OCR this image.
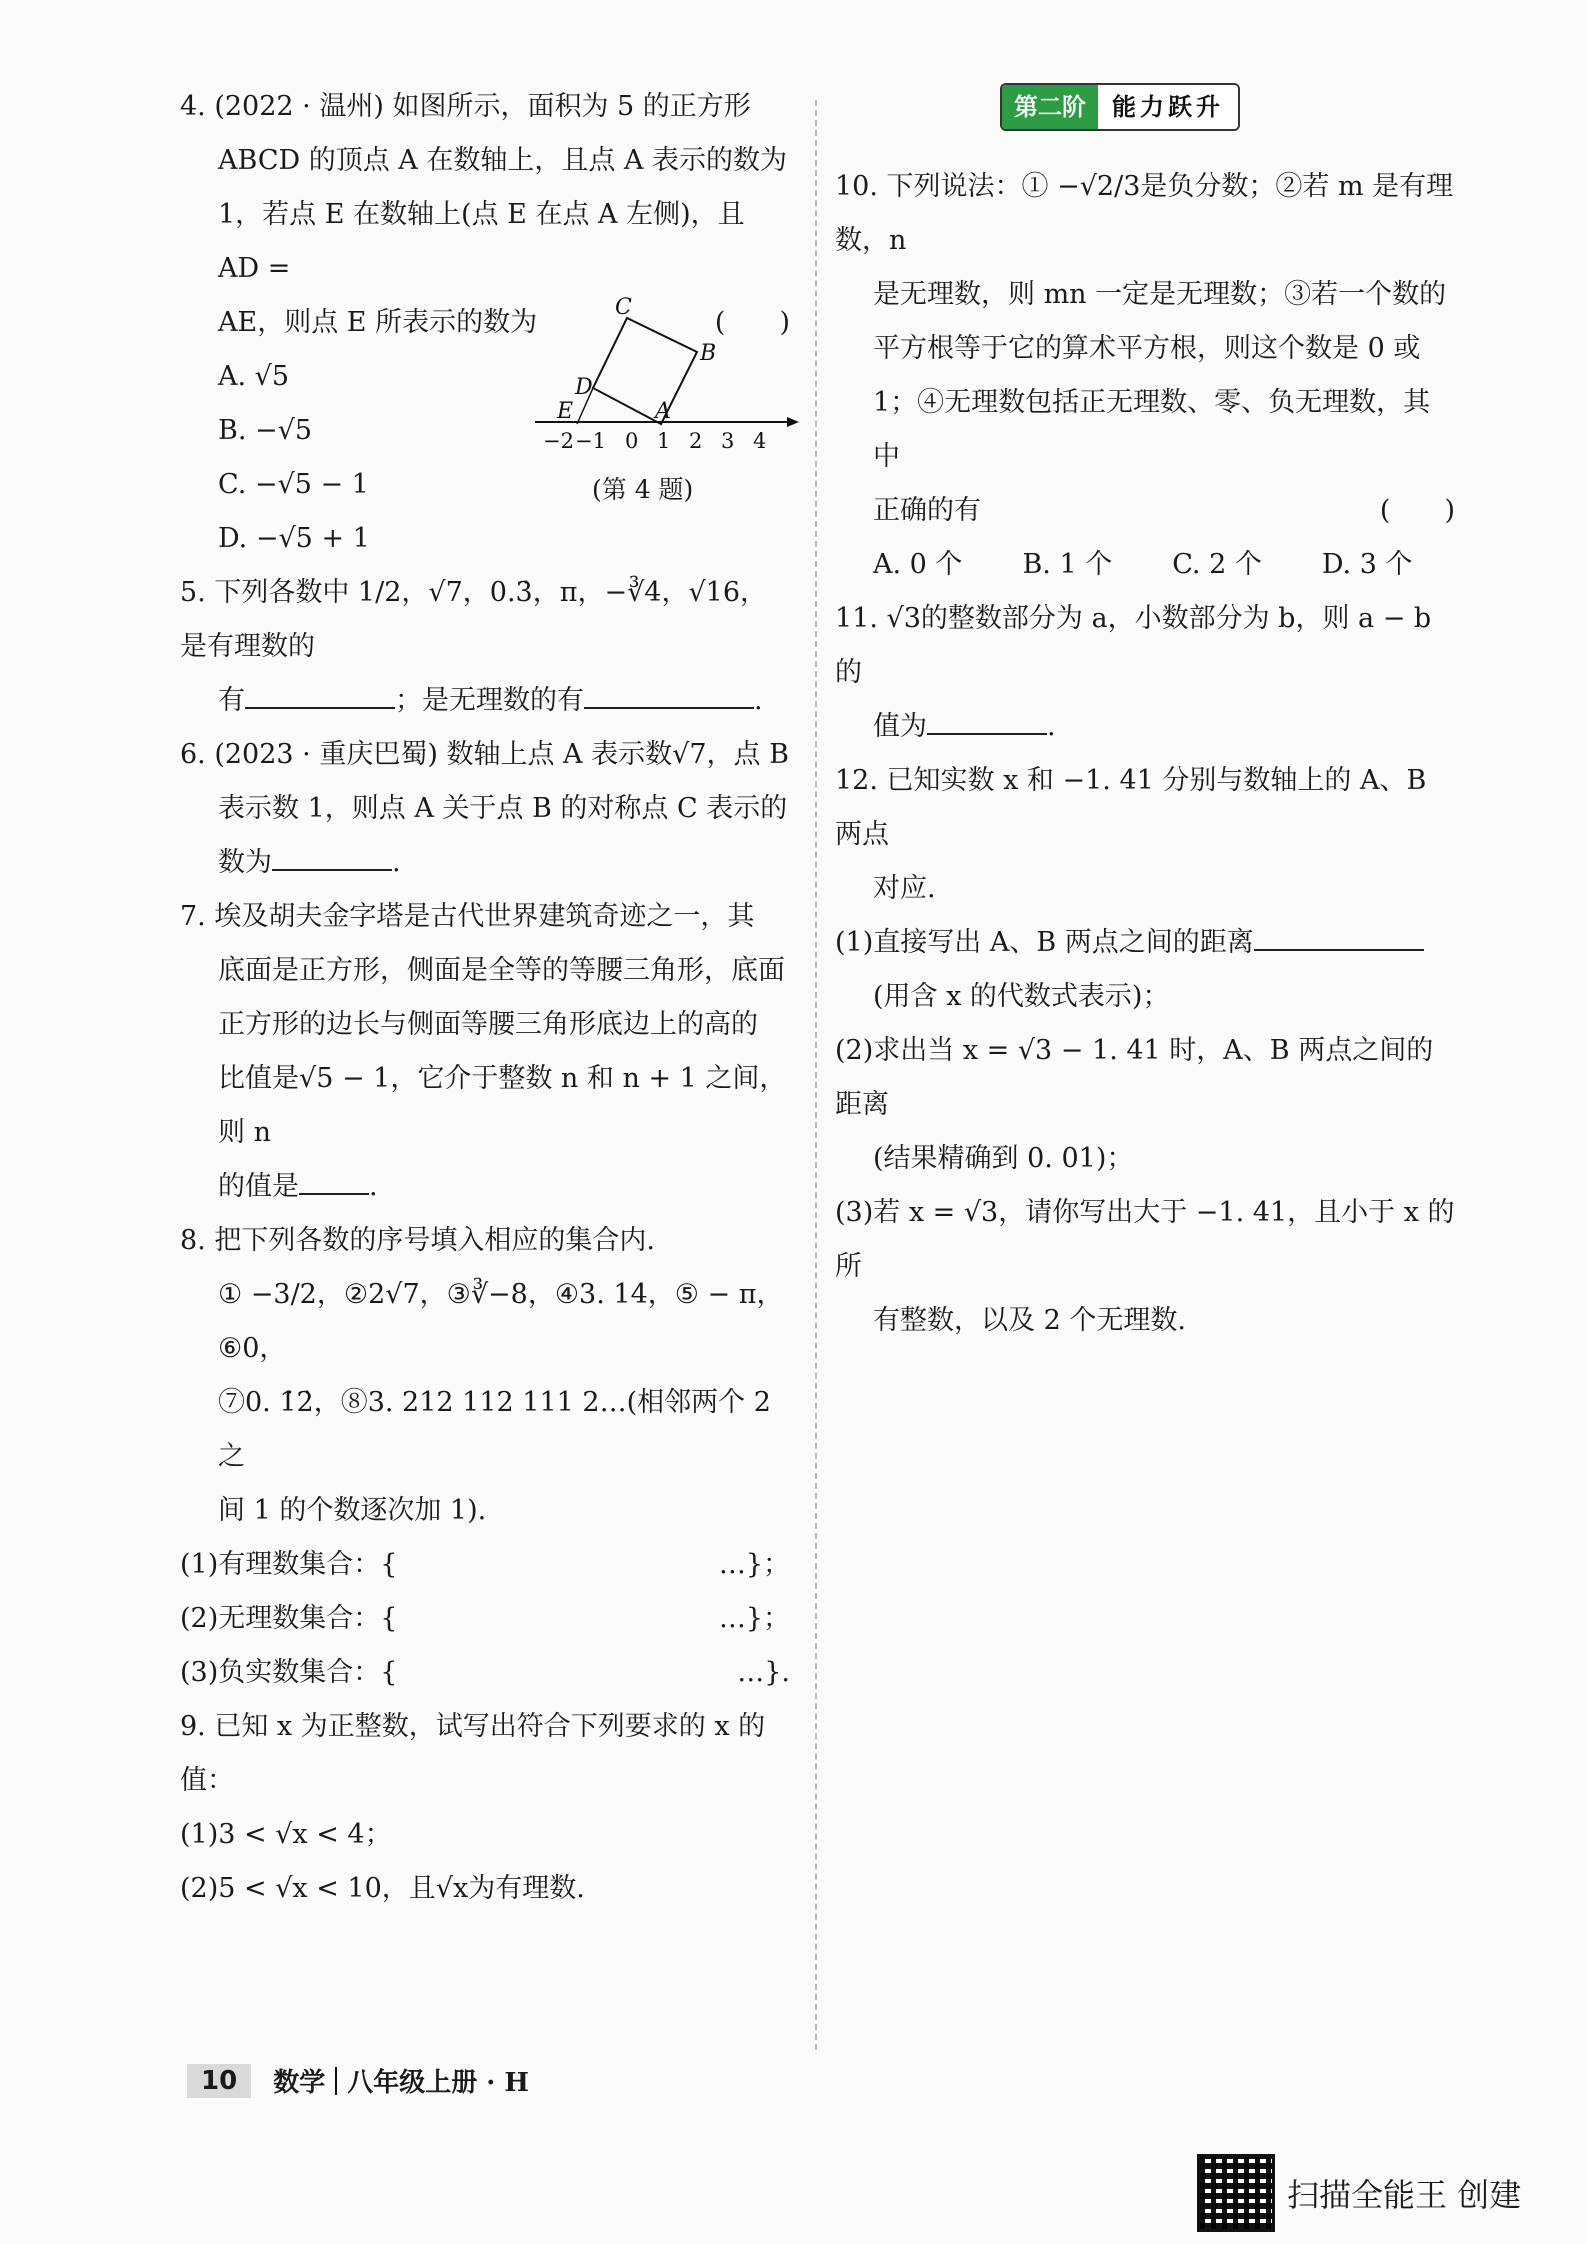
第二阶	能力跃升

4. (2022 · 温州) 如图所示，面积为 5 的正方形

ABCD 的顶点 A 在数轴上，且点 A 表示的数为

1，若点 E 在数轴上(点 E 在点 A 左侧)，且 AD =

AE，则点 E 所表示的数为	(　　)

A. √5

B. −√5

C. −√5 − 1

D. −√5 + 1

5. 下列各数中 1/2，√7，0.3̇，π，−∛4，√16，是有理数的

有	；是无理数的有	.

6. (2023 · 重庆巴蜀) 数轴上点 A 表示数√7，点 B

表示数 1，则点 A 关于点 B 的对称点 C 表示的

数为	.

7. 埃及胡夫金字塔是古代世界建筑奇迹之一，其

底面是正方形，侧面是全等的等腰三角形，底面

正方形的边长与侧面等腰三角形底边上的高的

比值是√5 − 1，它介于整数 n 和 n + 1 之间，则 n

的值是	.

8. 把下列各数的序号填入相应的集合内.

① −3/2，②2√7，③∛−8，④3. 14，⑤ − π，⑥0，

⑦0. 1̇2̇，⑧3. 212 112 111 2…(相邻两个 2 之

间 1 的个数逐次加 1).

(1)有理数集合：{	…}；

(2)无理数集合：{	…}；

(3)负实数集合：{	…}.

9. 已知 x 为正整数，试写出符合下列要求的 x 的值：

(1)3 < √x < 4；

(2)5 < √x < 10，且√x为有理数.

C
B
D
E	A
−2 −1 0 1 2 3 4
(第 4 题)

10. 下列说法：① −√2/3是负分数；②若 m 是有理数，n

是无理数，则 mn 一定是无理数；③若一个数的

平方根等于它的算术平方根，则这个数是 0 或

1；④无理数包括正无理数、零、负无理数，其中

正确的有	(　　)

A. 0 个 B. 1 个 C. 2 个 D. 3 个

11. √3的整数部分为 a，小数部分为 b，则 a − b 的

值为	.

12. 已知实数 x 和 −1. 41 分别与数轴上的 A、B 两点

对应.

(1)直接写出 A、B 两点之间的距离

(用含 x 的代数式表示)；

(2)求出当 x = √3 − 1. 41 时，A、B 两点之间的距离

(结果精确到 0. 01)；

(3)若 x = √3，请你写出大于 −1. 41，且小于 x 的所

有整数，以及 2 个无理数.

10	数学 八年级上册 · H
扫描全能王 创建
